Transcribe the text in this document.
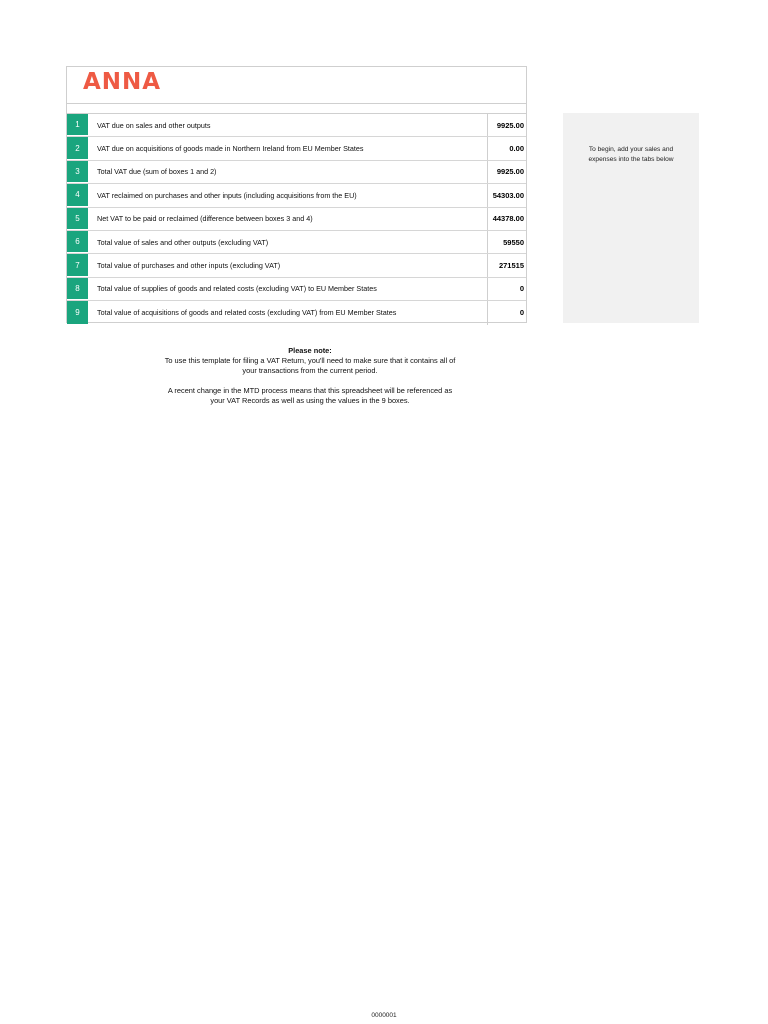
ANNA
1	VAT due on sales and other outputs	9925.00
2	VAT due on acquisitions of goods made in Northern Ireland from EU Member States	0.00
3	Total VAT due (sum of boxes 1 and 2)	9925.00
4	VAT reclaimed on purchases and other inputs (including acquisitions from the EU)	54303.00
5	Net VAT to be paid or reclaimed (difference between boxes 3 and 4)	44378.00
6	Total value of sales and other outputs (excluding VAT)	59550
7	Total value of purchases and other inputs (excluding VAT)	271515
8	Total value of supplies of goods and related costs (excluding VAT) to EU Member States	0
9	Total value of acquisitions of goods and related costs (excluding VAT) from EU Member States	0
To begin, add your sales and expenses into the tabs below

Please note:

To use this template for filing a VAT Return, you'll need to make sure that it contains all of your transactions from the current period.

A recent change in the MTD process means that this spreadsheet will be referenced as your VAT Records as well as using the values in the 9 boxes.

0000001
